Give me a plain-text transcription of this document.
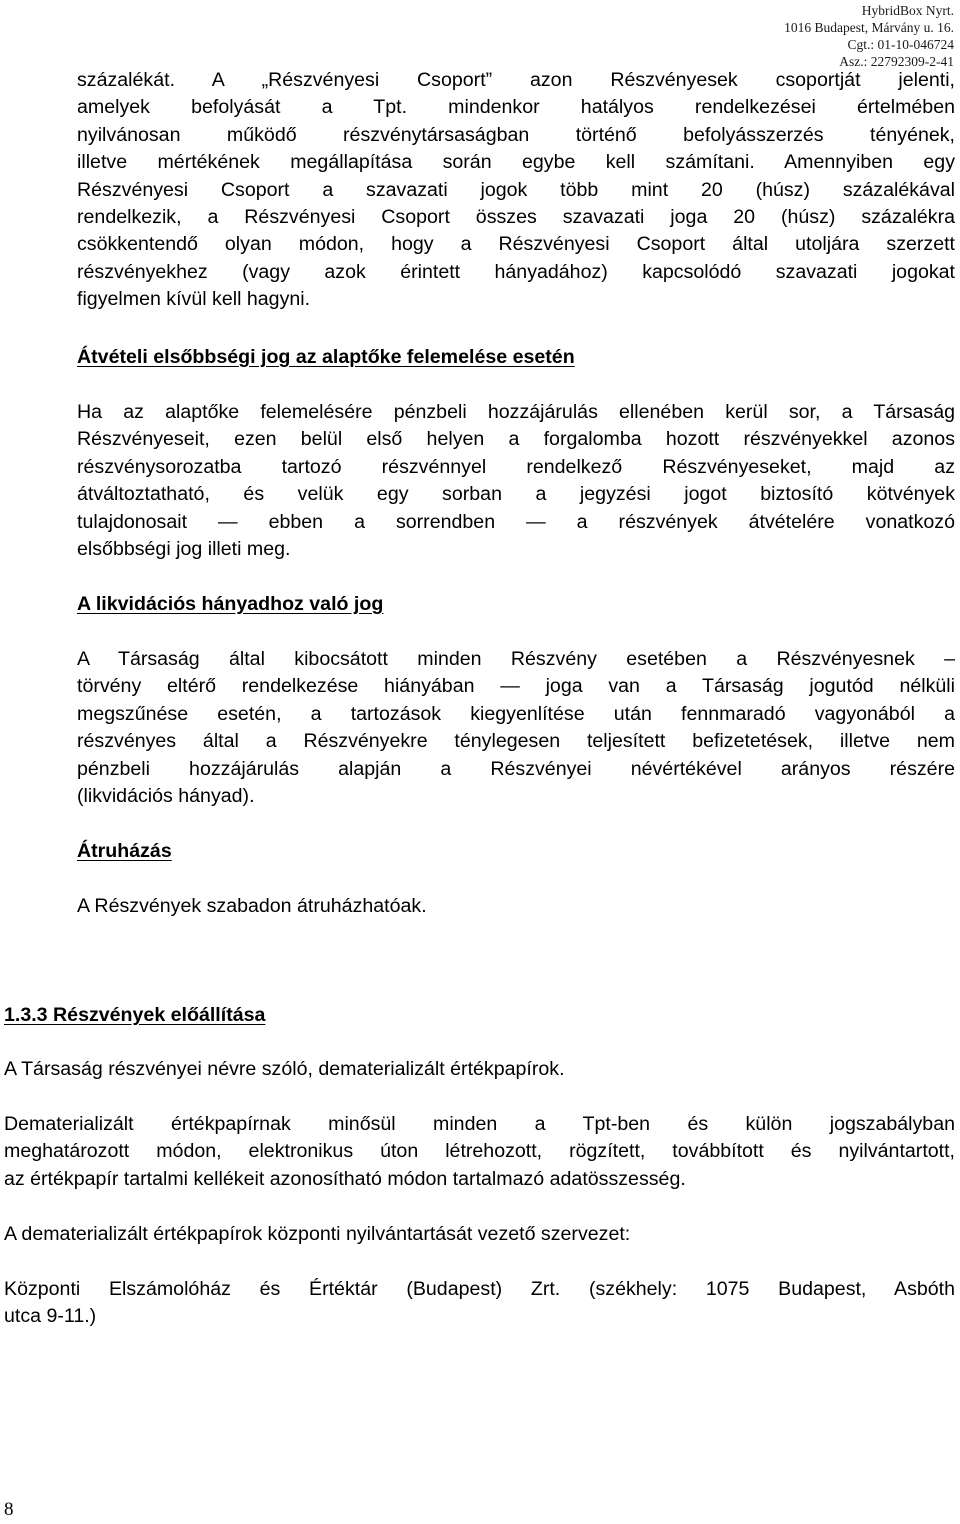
HybridBox Nyrt.
1016 Budapest, Márvány u. 16.
Cgt.: 01-10-046724
Asz.: 22792309-2-41
százalékát. A „Részvényesi Csoport” azon Részvényesek csoportját jelenti,
amelyek befolyását a Tpt. mindenkor hatályos rendelkezései értelmében
nyilvánosan működő részvénytársaságban történő befolyásszerzés tényének,
illetve mértékének megállapítása során egybe kell számítani. Amennyiben egy
Részvényesi Csoport a szavazati jogok több mint 20 (húsz) százalékával
rendelkezik, a Részvényesi Csoport összes szavazati joga 20 (húsz) százalékra
csökkentendő olyan módon, hogy a Részvényesi Csoport által utoljára szerzett
részvényekhez (vagy azok érintett hányadához) kapcsolódó szavazati jogokat
figyelmen kívül kell hagyni.
Átvételi elsőbbségi jog az alaptőke felemelése esetén
Ha az alaptőke felemelésére pénzbeli hozzájárulás ellenében kerül sor, a Társaság
Részvényeseit, ezen belül első helyen a forgalomba hozott részvényekkel azonos
részvénysorozatba tartozó részvénnyel rendelkező Részvényeseket, majd az
átváltoztatható, és velük egy sorban a jegyzési jogot biztosító kötvények
tulajdonosait — ebben a sorrendben — a részvények átvételére vonatkozó
elsőbbségi jog illeti meg.
A likvidációs hányadhoz való jog
A Társaság által kibocsátott minden Részvény esetében a Részvényesnek –
törvény eltérő rendelkezése hiányában — joga van a Társaság jogutód nélküli
megszűnése esetén, a tartozások kiegyenlítése után fennmaradó vagyonából a
részvényes által a Részvényekre ténylegesen teljesített befizetetések, illetve nem
pénzbeli hozzájárulás alapján a Részvényei névértékével arányos részére
(likvidációs hányad).
Átruházás
A Részvények szabadon átruházhatóak.
1.3.3 Részvények előállítása
A Társaság részvényei névre szóló, dematerializált értékpapírok.
Dematerializált értékpapírnak minősül minden a Tpt-ben és külön jogszabályban
meghatározott módon, elektronikus úton létrehozott, rögzített, továbbított és nyilvántartott,
az értékpapír tartalmi kellékeit azonosítható módon tartalmazó adatösszesség.
A dematerializált értékpapírok központi nyilvántartását vezető szervezet:
Központi Elszámolóház és Értéktár (Budapest) Zrt. (székhely: 1075 Budapest, Asbóth
utca 9-11.)
8
